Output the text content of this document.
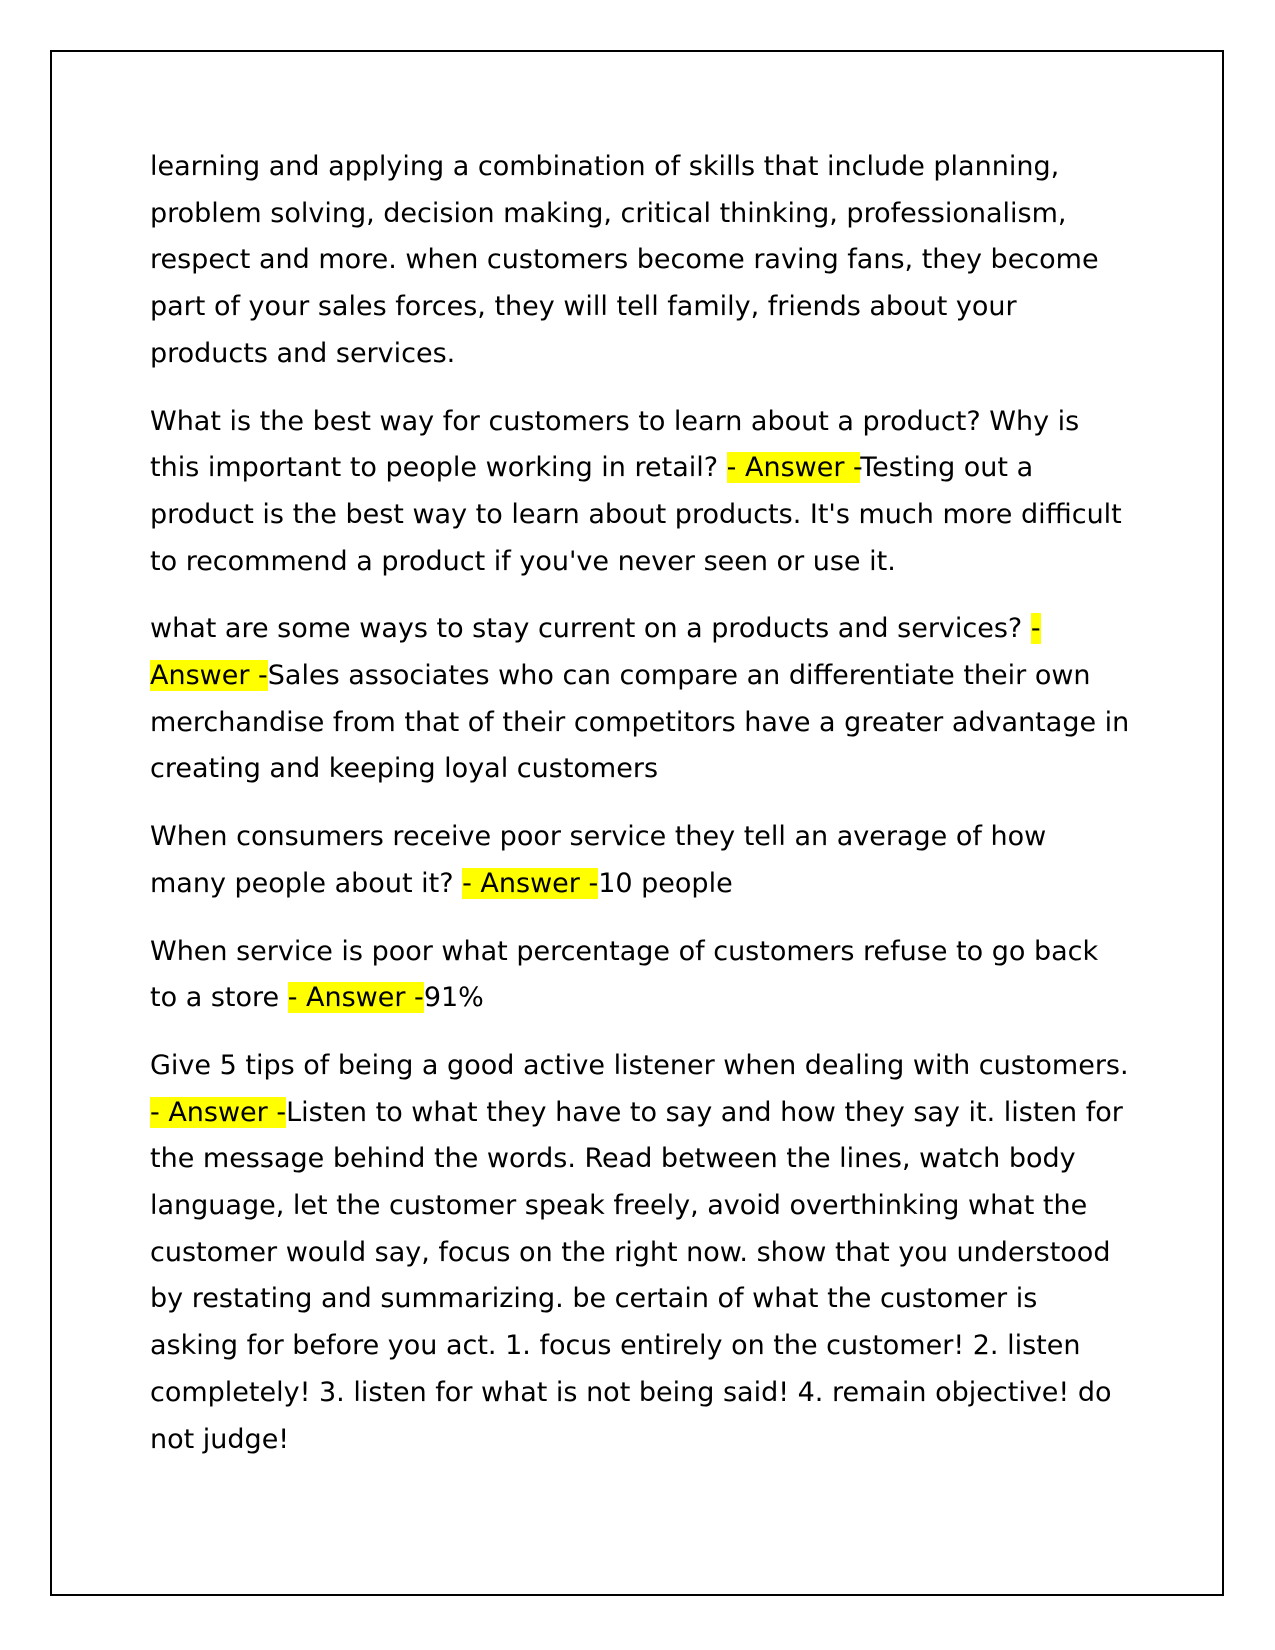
learning and applying a combination of skills that include planning, problem solving, decision making, critical thinking, professionalism, respect and more. when customers become raving fans, they become part of your sales forces, they will tell family, friends about your products and services.

What is the best way for customers to learn about a product? Why is this important to people working in retail? - Answer -Testing out a product is the best way to learn about products. It's much more difficult to recommend a product if you've never seen or use it.

what are some ways to stay current on a products and services? - Answer -Sales associates who can compare an differentiate their own merchandise from that of their competitors have a greater advantage in creating and keeping loyal customers

When consumers receive poor service they tell an average of how many people about it? - Answer -10 people

When service is poor what percentage of customers refuse to go back to a store - Answer -91%

Give 5 tips of being a good active listener when dealing with customers. - Answer -Listen to what they have to say and how they say it. listen for the message behind the words. Read between the lines, watch body language, let the customer speak freely, avoid overthinking what the customer would say, focus on the right now. show that you understood by restating and summarizing. be certain of what the customer is asking for before you act. 1. focus entirely on the customer! 2. listen completely! 3. listen for what is not being said! 4. remain objective! do not judge!
